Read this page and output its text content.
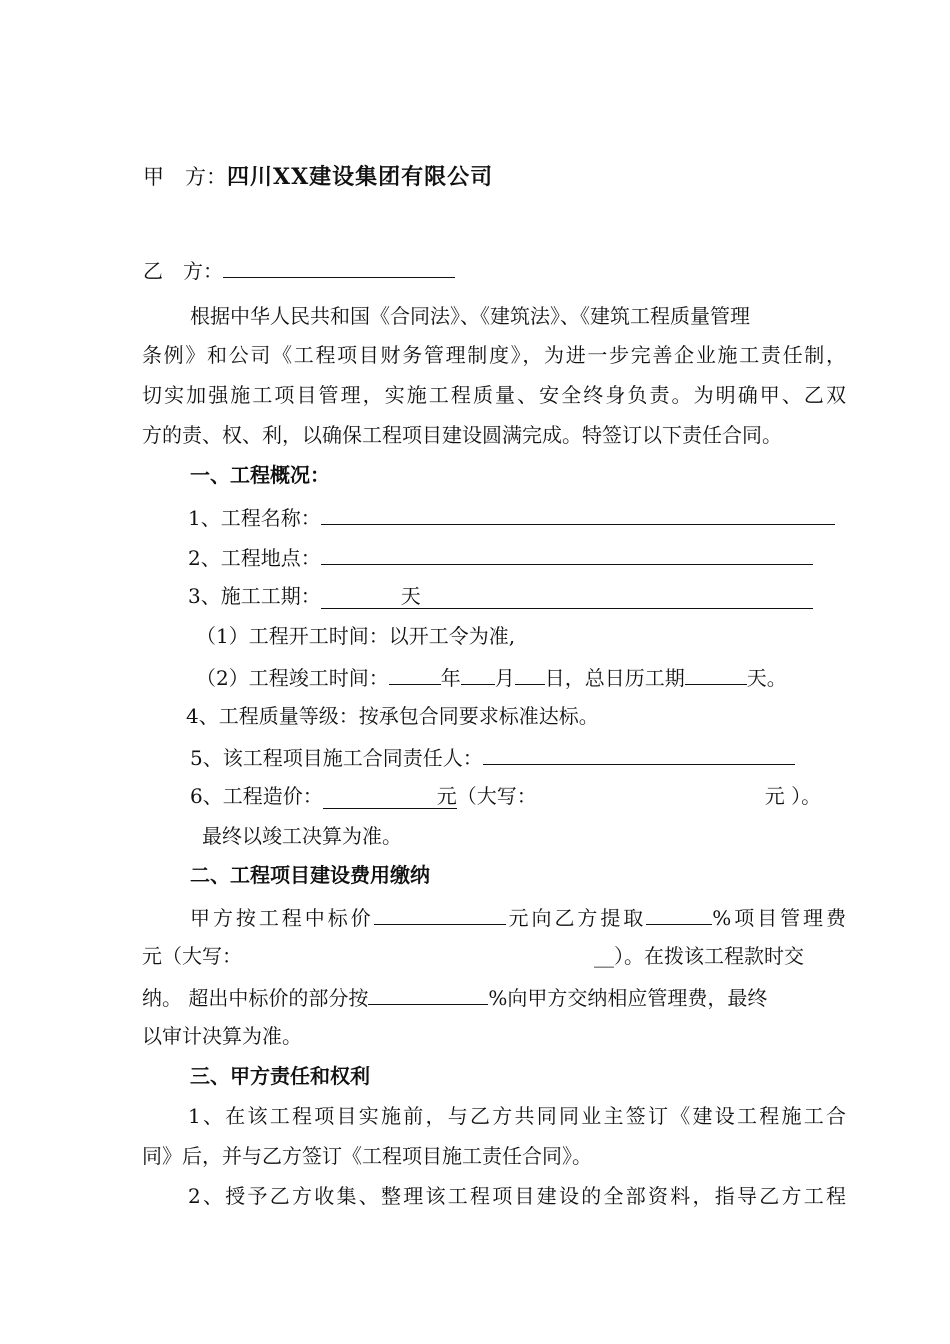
甲　方：四川XX建设集团有限公司
乙　方：
根据中华人民共和国《合同法》、《建筑法》、《建筑工程质量管理
条例》和公司《工程项目财务管理制度》，为进一步完善企业施工责任制，
切实加强施工项目管理，实施工程质量、安全终身负责。为明确甲、乙双
方的责、权、利，以确保工程项目建设圆满完成。特签订以下责任合同。
一、工程概况：
1、工程名称：
2、工程地点：
3、施工工期：	天
（1）工程开工时间：以开工令为准,
（2）工程竣工时间：	年 月 日，总日历工期	天。
4、工程质量等级：按承包合同要求标准达标。
5、该工程项目施工合同责任人：
6、工程造价：	元（大写：	元 ）。
最终以竣工决算为准。
二、工程项目建设费用缴纳
甲方按工程中标价	元向乙方提取	%项目管理费
元（大写：	__）。在拨该工程款时交
纳。 超出中标价的部分按	%向甲方交纳相应管理费，最终
以审计决算为准。
三、甲方责任和权利
1、在该工程项目实施前，与乙方共同同业主签订《建设工程施工合
同》后，并与乙方签订《工程项目施工责任合同》。
2、授予乙方收集、整理该工程项目建设的全部资料，指导乙方工程
